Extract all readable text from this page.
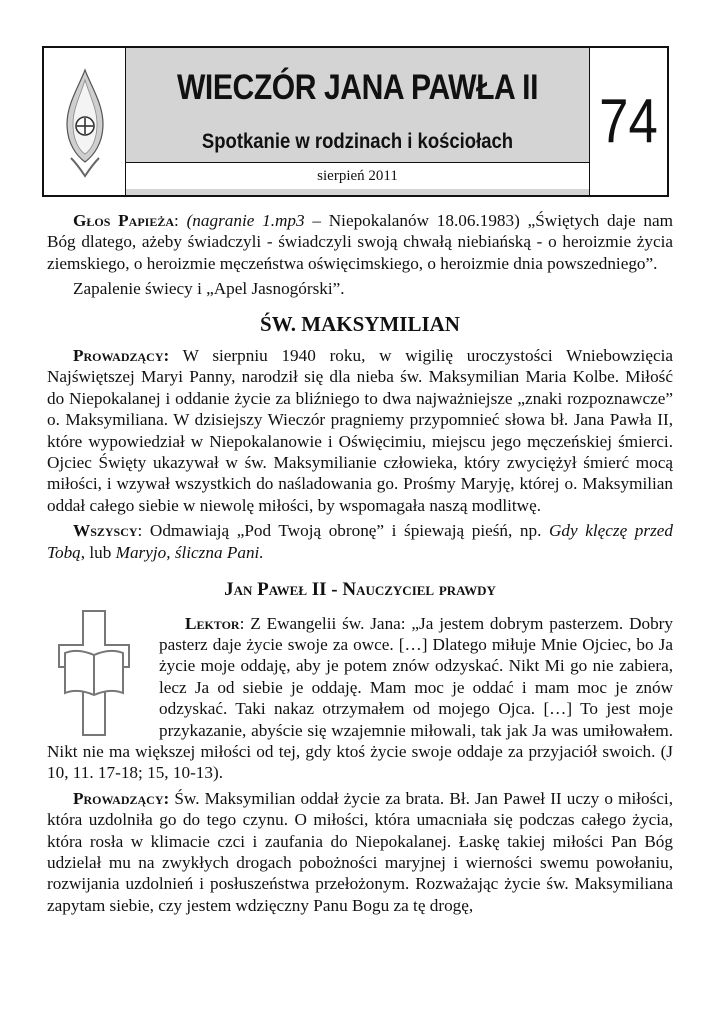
WIECZÓR JANA PAWŁA II
Spotkanie w rodzinach i kościołach
sierpień 2011
74

Głos Papieża: (nagranie 1.mp3 – Niepokalanów 18.06.1983) „Świętych daje nam Bóg dlatego, ażeby świadczyli - świadczyli swoją chwałą niebiańską - o heroizmie życia ziemskiego, o heroizmie męczeństwa oświęcimskiego, o heroizmie dnia powszedniego”.

Zapalenie świecy i „Apel Jasnogórski”.

ŚW. MAKSYMILIAN

Prowadzący: W sierpniu 1940 roku, w wigilię uroczystości Wniebowzięcia Najświętszej Maryi Panny, narodził się dla nieba św. Maksymilian Maria Kolbe. Miłość do Niepokalanej i oddanie życie za bliźniego to dwa najważniejsze „znaki rozpoznawcze” o. Maksymiliana. W dzisiejszy Wieczór pragniemy przypomnieć słowa bł. Jana Pawła II, które wypowiedział w Niepokalanowie i Oświęcimiu, miejscu jego męczeńskiej śmierci. Ojciec Święty ukazywał w św. Maksymilianie człowieka, który zwyciężył śmierć mocą miłości, i wzywał wszystkich do naśladowania go. Prośmy Maryję, której o. Maksymilian oddał całego siebie w niewolę miłości, by wspomagała naszą modlitwę.

Wszyscy: Odmawiają „Pod Twoją obronę” i śpiewają pieśń, np. Gdy klęczę przed Tobą, lub Maryjo, śliczna Pani.

Jan Paweł II - Nauczyciel prawdy

Lektor: Z Ewangelii św. Jana: „Ja jestem dobrym pasterzem. Dobry pasterz daje życie swoje za owce. […] Dlatego miłuje Mnie Ojciec, bo Ja życie moje oddaję, aby je potem znów odzyskać. Nikt Mi go nie zabiera, lecz Ja od siebie je oddaję. Mam moc je oddać i mam moc je znów odzyskać. Taki nakaz otrzymałem od mojego Ojca. […] To jest moje przykazanie, abyście się wzajemnie miłowali, tak jak Ja was umiłowałem. Nikt nie ma większej miłości od tej, gdy ktoś życie swoje oddaje za przyjaciół swoich. (J 10, 11. 17-18; 15, 10-13).

Prowadzący: Św. Maksymilian oddał życie za brata. Bł. Jan Paweł II uczy o miłości, która uzdolniła go do tego czynu. O miłości, która umacniała się podczas całego życia, która rosła w klimacie czci i zaufania do Niepokalanej. Łaskę takiej miłości Pan Bóg udzielał mu na zwykłych drogach pobożności maryjnej i wierności swemu powołaniu, rozwijania uzdolnień i posłuszeństwa przełożonym. Rozważając życie św. Maksymiliana zapytam siebie, czy jestem wdzięczny Panu Bogu za tę drogę,
